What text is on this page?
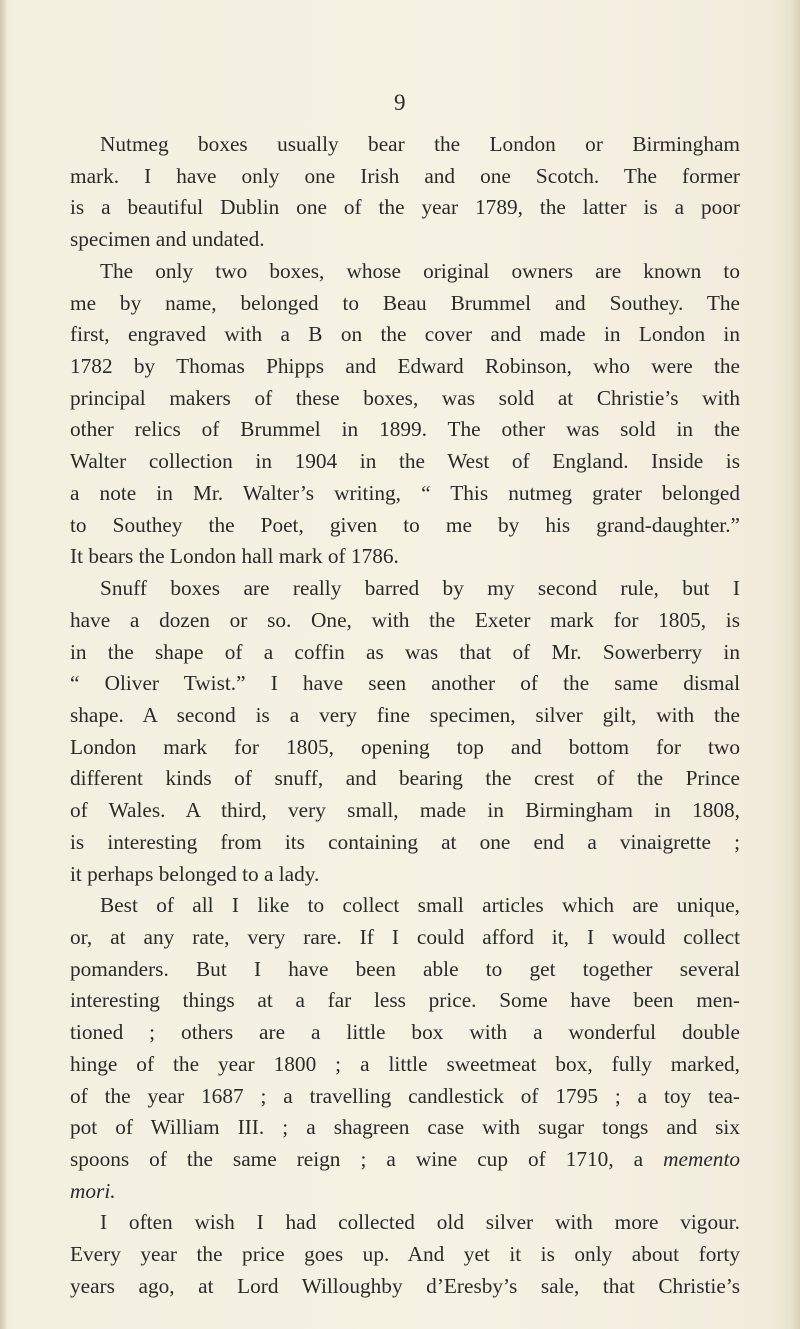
9
Nutmeg boxes usually bear the London or Birmingham
mark. I have only one Irish and one Scotch. The former
is a beautiful Dublin one of the year 1789, the latter is a poor
specimen and undated.
The only two boxes, whose original owners are known to
me by name, belonged to Beau Brummel and Southey. The
first, engraved with a B on the cover and made in London in
1782 by Thomas Phipps and Edward Robinson, who were the
principal makers of these boxes, was sold at Christie’s with
other relics of Brummel in 1899. The other was sold in the
Walter collection in 1904 in the West of England. Inside is
a note in Mr. Walter’s writing, “ This nutmeg grater belonged
to Southey the Poet, given to me by his grand-daughter.”
It bears the London hall mark of 1786.
Snuff boxes are really barred by my second rule, but I
have a dozen or so. One, with the Exeter mark for 1805, is
in the shape of a coffin as was that of Mr. Sowerberry in
“ Oliver Twist.” I have seen another of the same dismal
shape. A second is a very fine specimen, silver gilt, with the
London mark for 1805, opening top and bottom for two
different kinds of snuff, and bearing the crest of the Prince
of Wales. A third, very small, made in Birmingham in 1808,
is interesting from its containing at one end a vinaigrette ;
it perhaps belonged to a lady.
Best of all I like to collect small articles which are unique,
or, at any rate, very rare. If I could afford it, I would collect
pomanders. But I have been able to get together several
interesting things at a far less price. Some have been men-
tioned ; others are a little box with a wonderful double
hinge of the year 1800 ; a little sweetmeat box, fully marked,
of the year 1687 ; a travelling candlestick of 1795 ; a toy tea-
pot of William III. ; a shagreen case with sugar tongs and six
spoons of the same reign ; a wine cup of 1710, a memento
mori.
I often wish I had collected old silver with more vigour.
Every year the price goes up. And yet it is only about forty
years ago, at Lord Willoughby d’Eresby’s sale, that Christie’s
